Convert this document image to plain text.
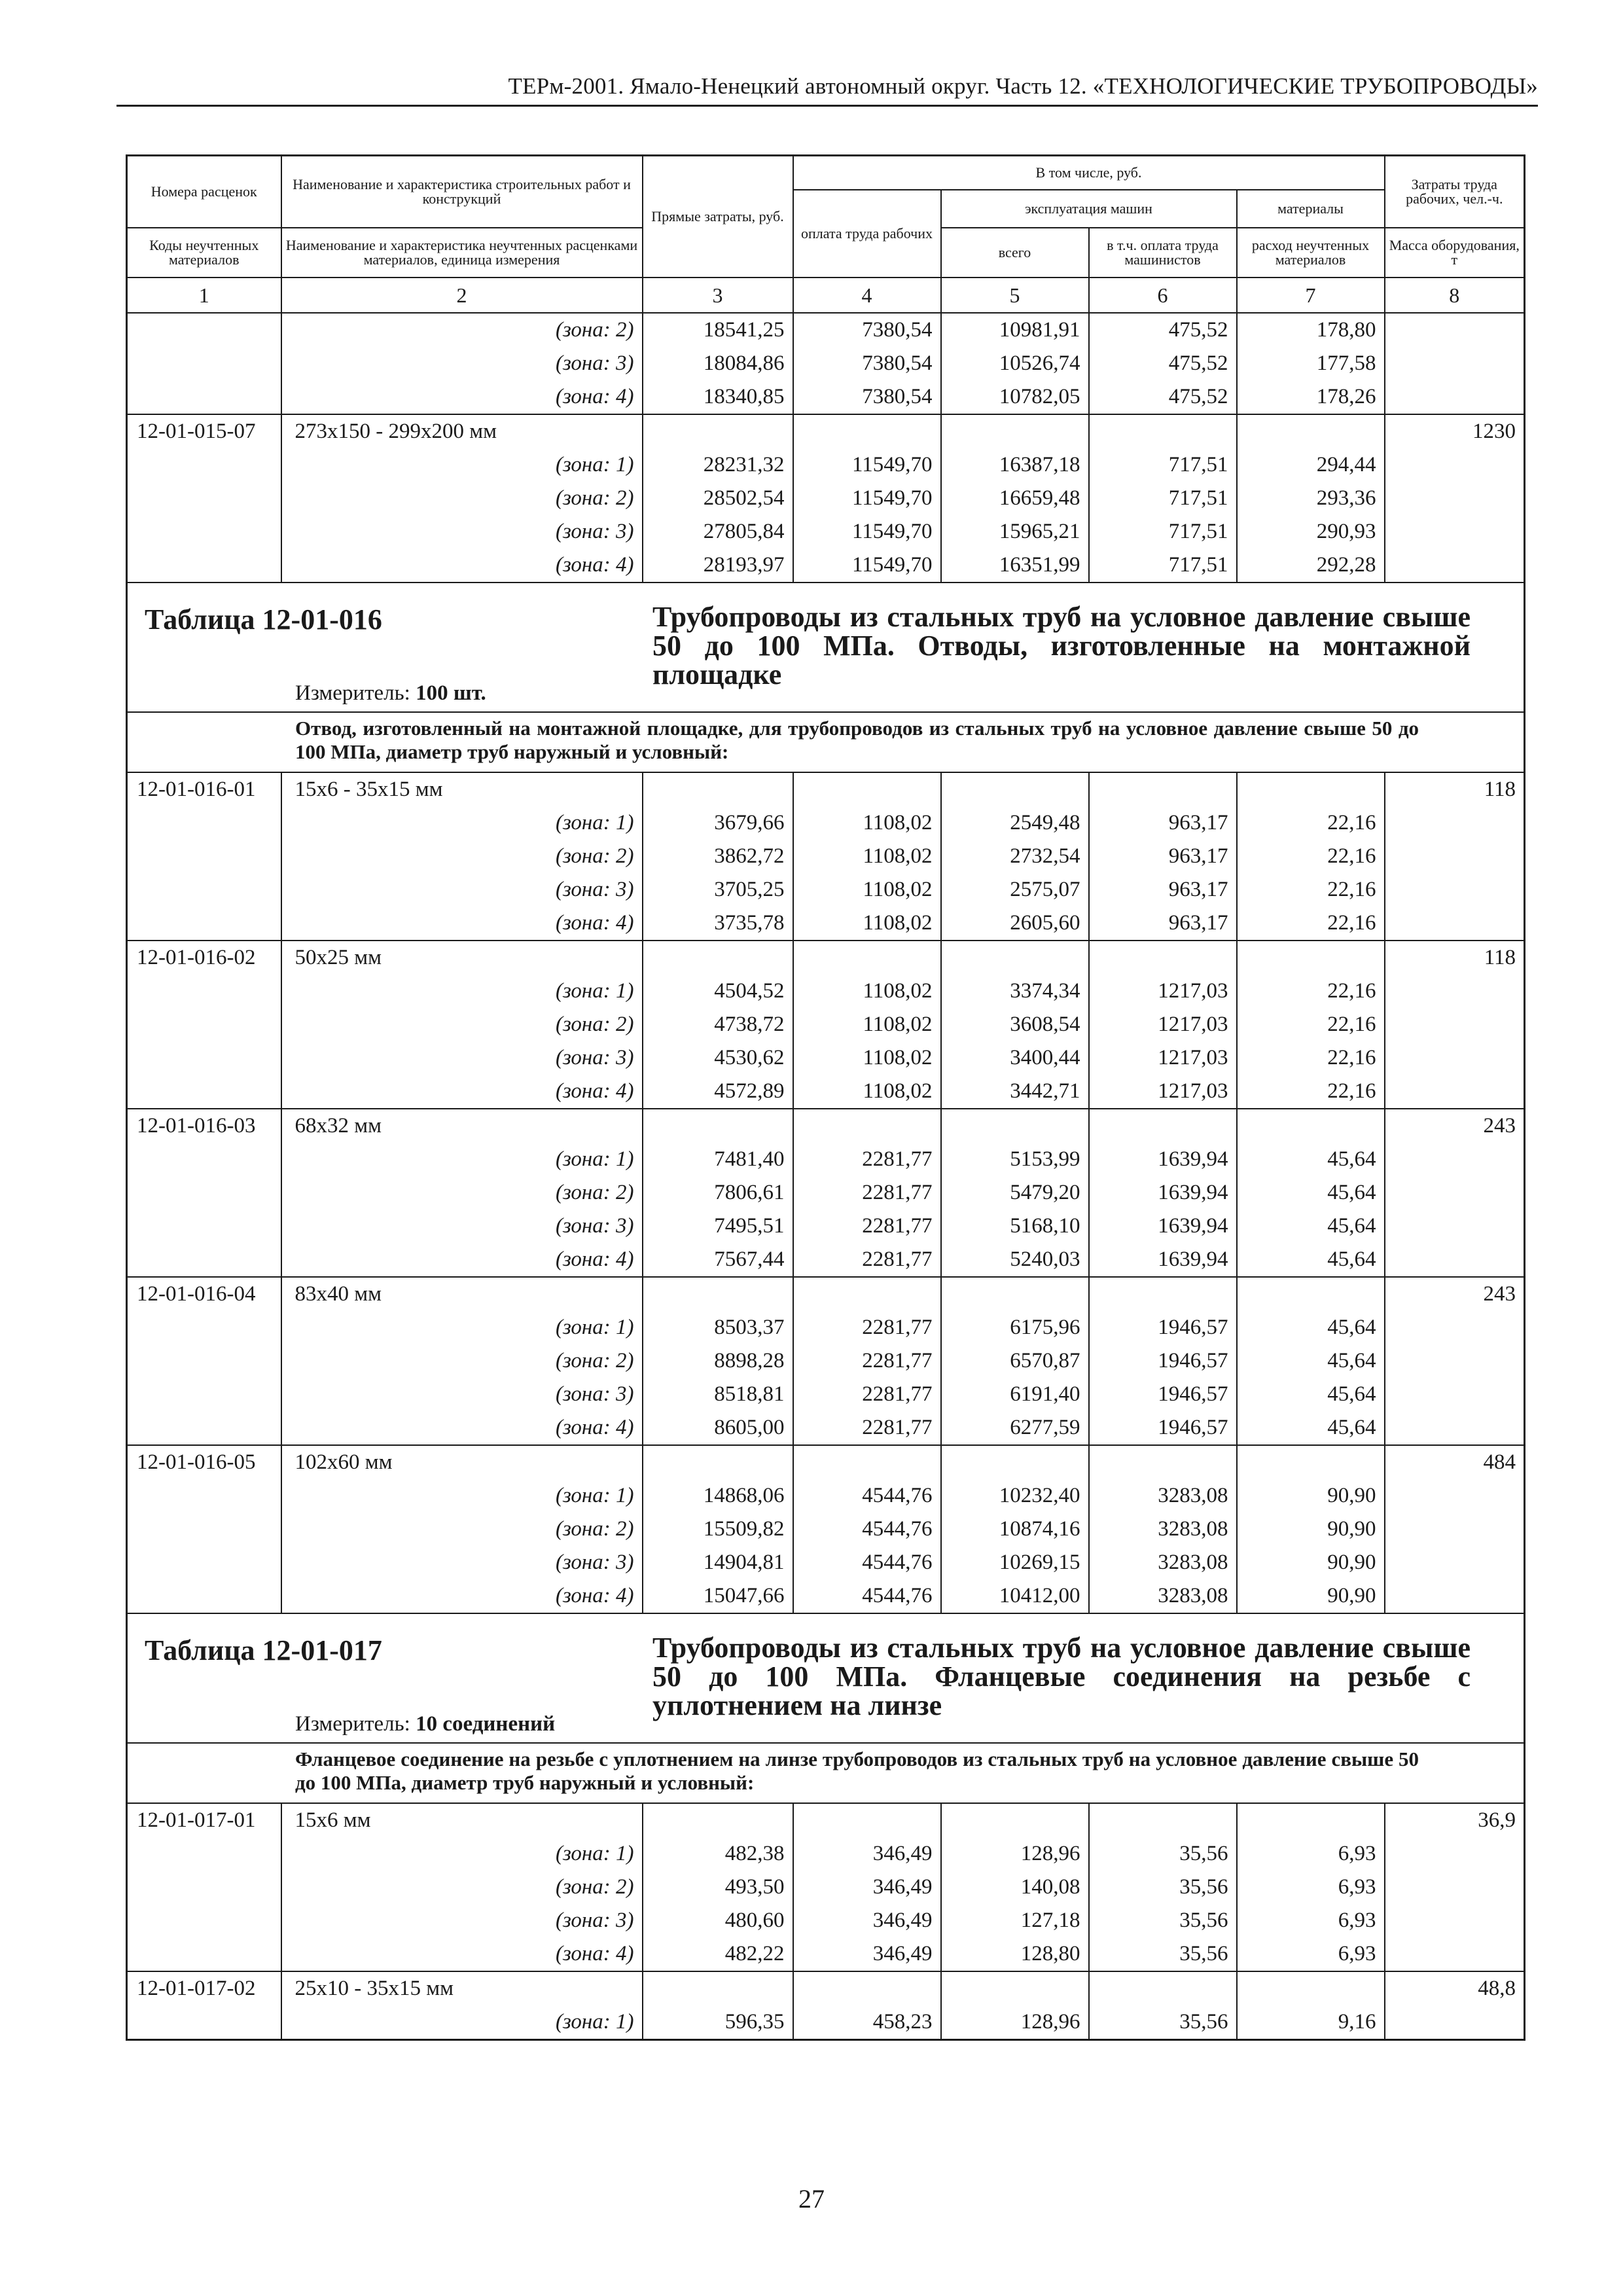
ТЕРм-2001. Ямало-Ненецкий автономный округ. Часть 12. «ТЕХНОЛОГИЧЕСКИЕ ТРУБОПРОВОДЫ»
Номера расценок	Наименование и характеристика строительных работ и конструкций	Прямые затраты, руб.	В том числе, руб.				Затраты труда рабочих, чел.-ч.
			оплата труда рабочих	эксплуатация машин		материалы	
Коды неучтенных материалов	Наименование и характеристика неучтенных расценками материалов, единица измерения			всего	в т.ч. оплата труда машинистов	расход неучтенных материалов	Масса оборудования, т
1	2	3	4	5	6	7	8
	(зона: 2)	18541,25	7380,54	10981,91	475,52	178,80	
	(зона: 3)	18084,86	7380,54	10526,74	475,52	177,58	
	(зона: 4)	18340,85	7380,54	10782,05	475,52	178,26	
12-01-015-07	273х150 - 299х200 мм						1230
	(зона: 1)	28231,32	11549,70	16387,18	717,51	294,44	
	(зона: 2)	28502,54	11549,70	16659,48	717,51	293,36	
	(зона: 3)	27805,84	11549,70	15965,21	717,51	290,93	
	(зона: 4)	28193,97	11549,70	16351,99	717,51	292,28	

Таблица 12-01-016 Трубопроводы из стальных труб на условное давление свыше 50 до 100 МПа. Отводы, изготовленные на монтажной площадке
Измеритель: 100 шт.							

Отвод, изготовленный на монтажной площадке, для трубопроводов из стальных труб на условное давление свыше 50 до 100 МПа, диаметр труб наружный и условный:							

12-01-016-01	15х6 - 35х15 мм						118
	(зона: 1)	3679,66	1108,02	2549,48	963,17	22,16	
	(зона: 2)	3862,72	1108,02	2732,54	963,17	22,16	
	(зона: 3)	3705,25	1108,02	2575,07	963,17	22,16	
	(зона: 4)	3735,78	1108,02	2605,60	963,17	22,16	
12-01-016-02	50х25 мм						118
	(зона: 1)	4504,52	1108,02	3374,34	1217,03	22,16	
	(зона: 2)	4738,72	1108,02	3608,54	1217,03	22,16	
	(зона: 3)	4530,62	1108,02	3400,44	1217,03	22,16	
	(зона: 4)	4572,89	1108,02	3442,71	1217,03	22,16	
12-01-016-03	68х32 мм						243
	(зона: 1)	7481,40	2281,77	5153,99	1639,94	45,64	
	(зона: 2)	7806,61	2281,77	5479,20	1639,94	45,64	
	(зона: 3)	7495,51	2281,77	5168,10	1639,94	45,64	
	(зона: 4)	7567,44	2281,77	5240,03	1639,94	45,64	
12-01-016-04	83х40 мм						243
	(зона: 1)	8503,37	2281,77	6175,96	1946,57	45,64	
	(зона: 2)	8898,28	2281,77	6570,87	1946,57	45,64	
	(зона: 3)	8518,81	2281,77	6191,40	1946,57	45,64	
	(зона: 4)	8605,00	2281,77	6277,59	1946,57	45,64	
12-01-016-05	102х60 мм						484
	(зона: 1)	14868,06	4544,76	10232,40	3283,08	90,90	
	(зона: 2)	15509,82	4544,76	10874,16	3283,08	90,90	
	(зона: 3)	14904,81	4544,76	10269,15	3283,08	90,90	
	(зона: 4)	15047,66	4544,76	10412,00	3283,08	90,90	

Таблица 12-01-017 Трубопроводы из стальных труб на условное давление свыше 50 до 100 МПа. Фланцевые соединения на резьбе с уплотнением на линзе
Измеритель: 10 соединений							

Фланцевое соединение на резьбе с уплотнением на линзе трубопроводов из стальных труб на условное давление свыше 50 до 100 МПа, диаметр труб наружный и условный:							

12-01-017-01	15х6 мм						36,9
	(зона: 1)	482,38	346,49	128,96	35,56	6,93	
	(зона: 2)	493,50	346,49	140,08	35,56	6,93	
	(зона: 3)	480,60	346,49	127,18	35,56	6,93	
	(зона: 4)	482,22	346,49	128,80	35,56	6,93	
12-01-017-02	25х10 - 35х15 мм						48,8
	(зона: 1)	596,35	458,23	128,96	35,56	9,16	
27
